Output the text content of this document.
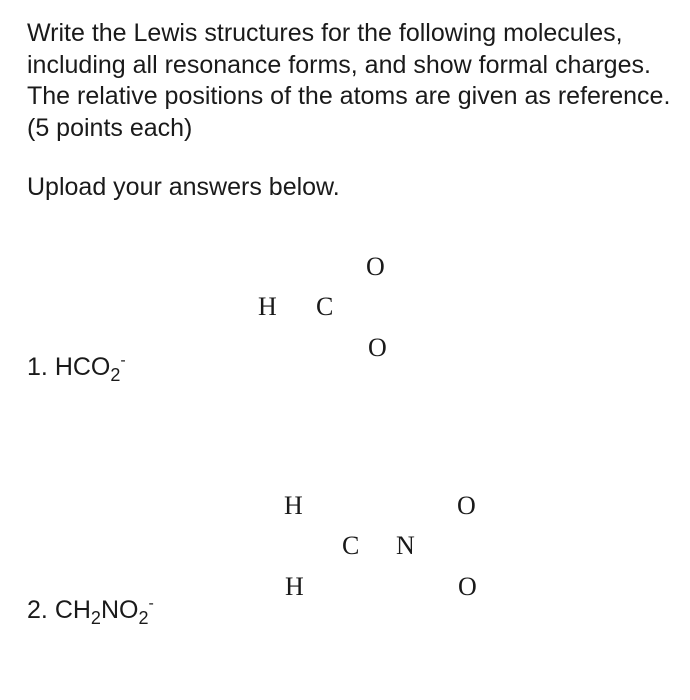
Write the Lewis structures for the following molecules, including all resonance forms, and show formal charges. The relative positions of the atoms are given as reference. (5 points each)

Upload your answers below.

O
H C
O
1. $HCO_2^-$
H	O
C N
H	O
2. $CH_2NO_2^-$
